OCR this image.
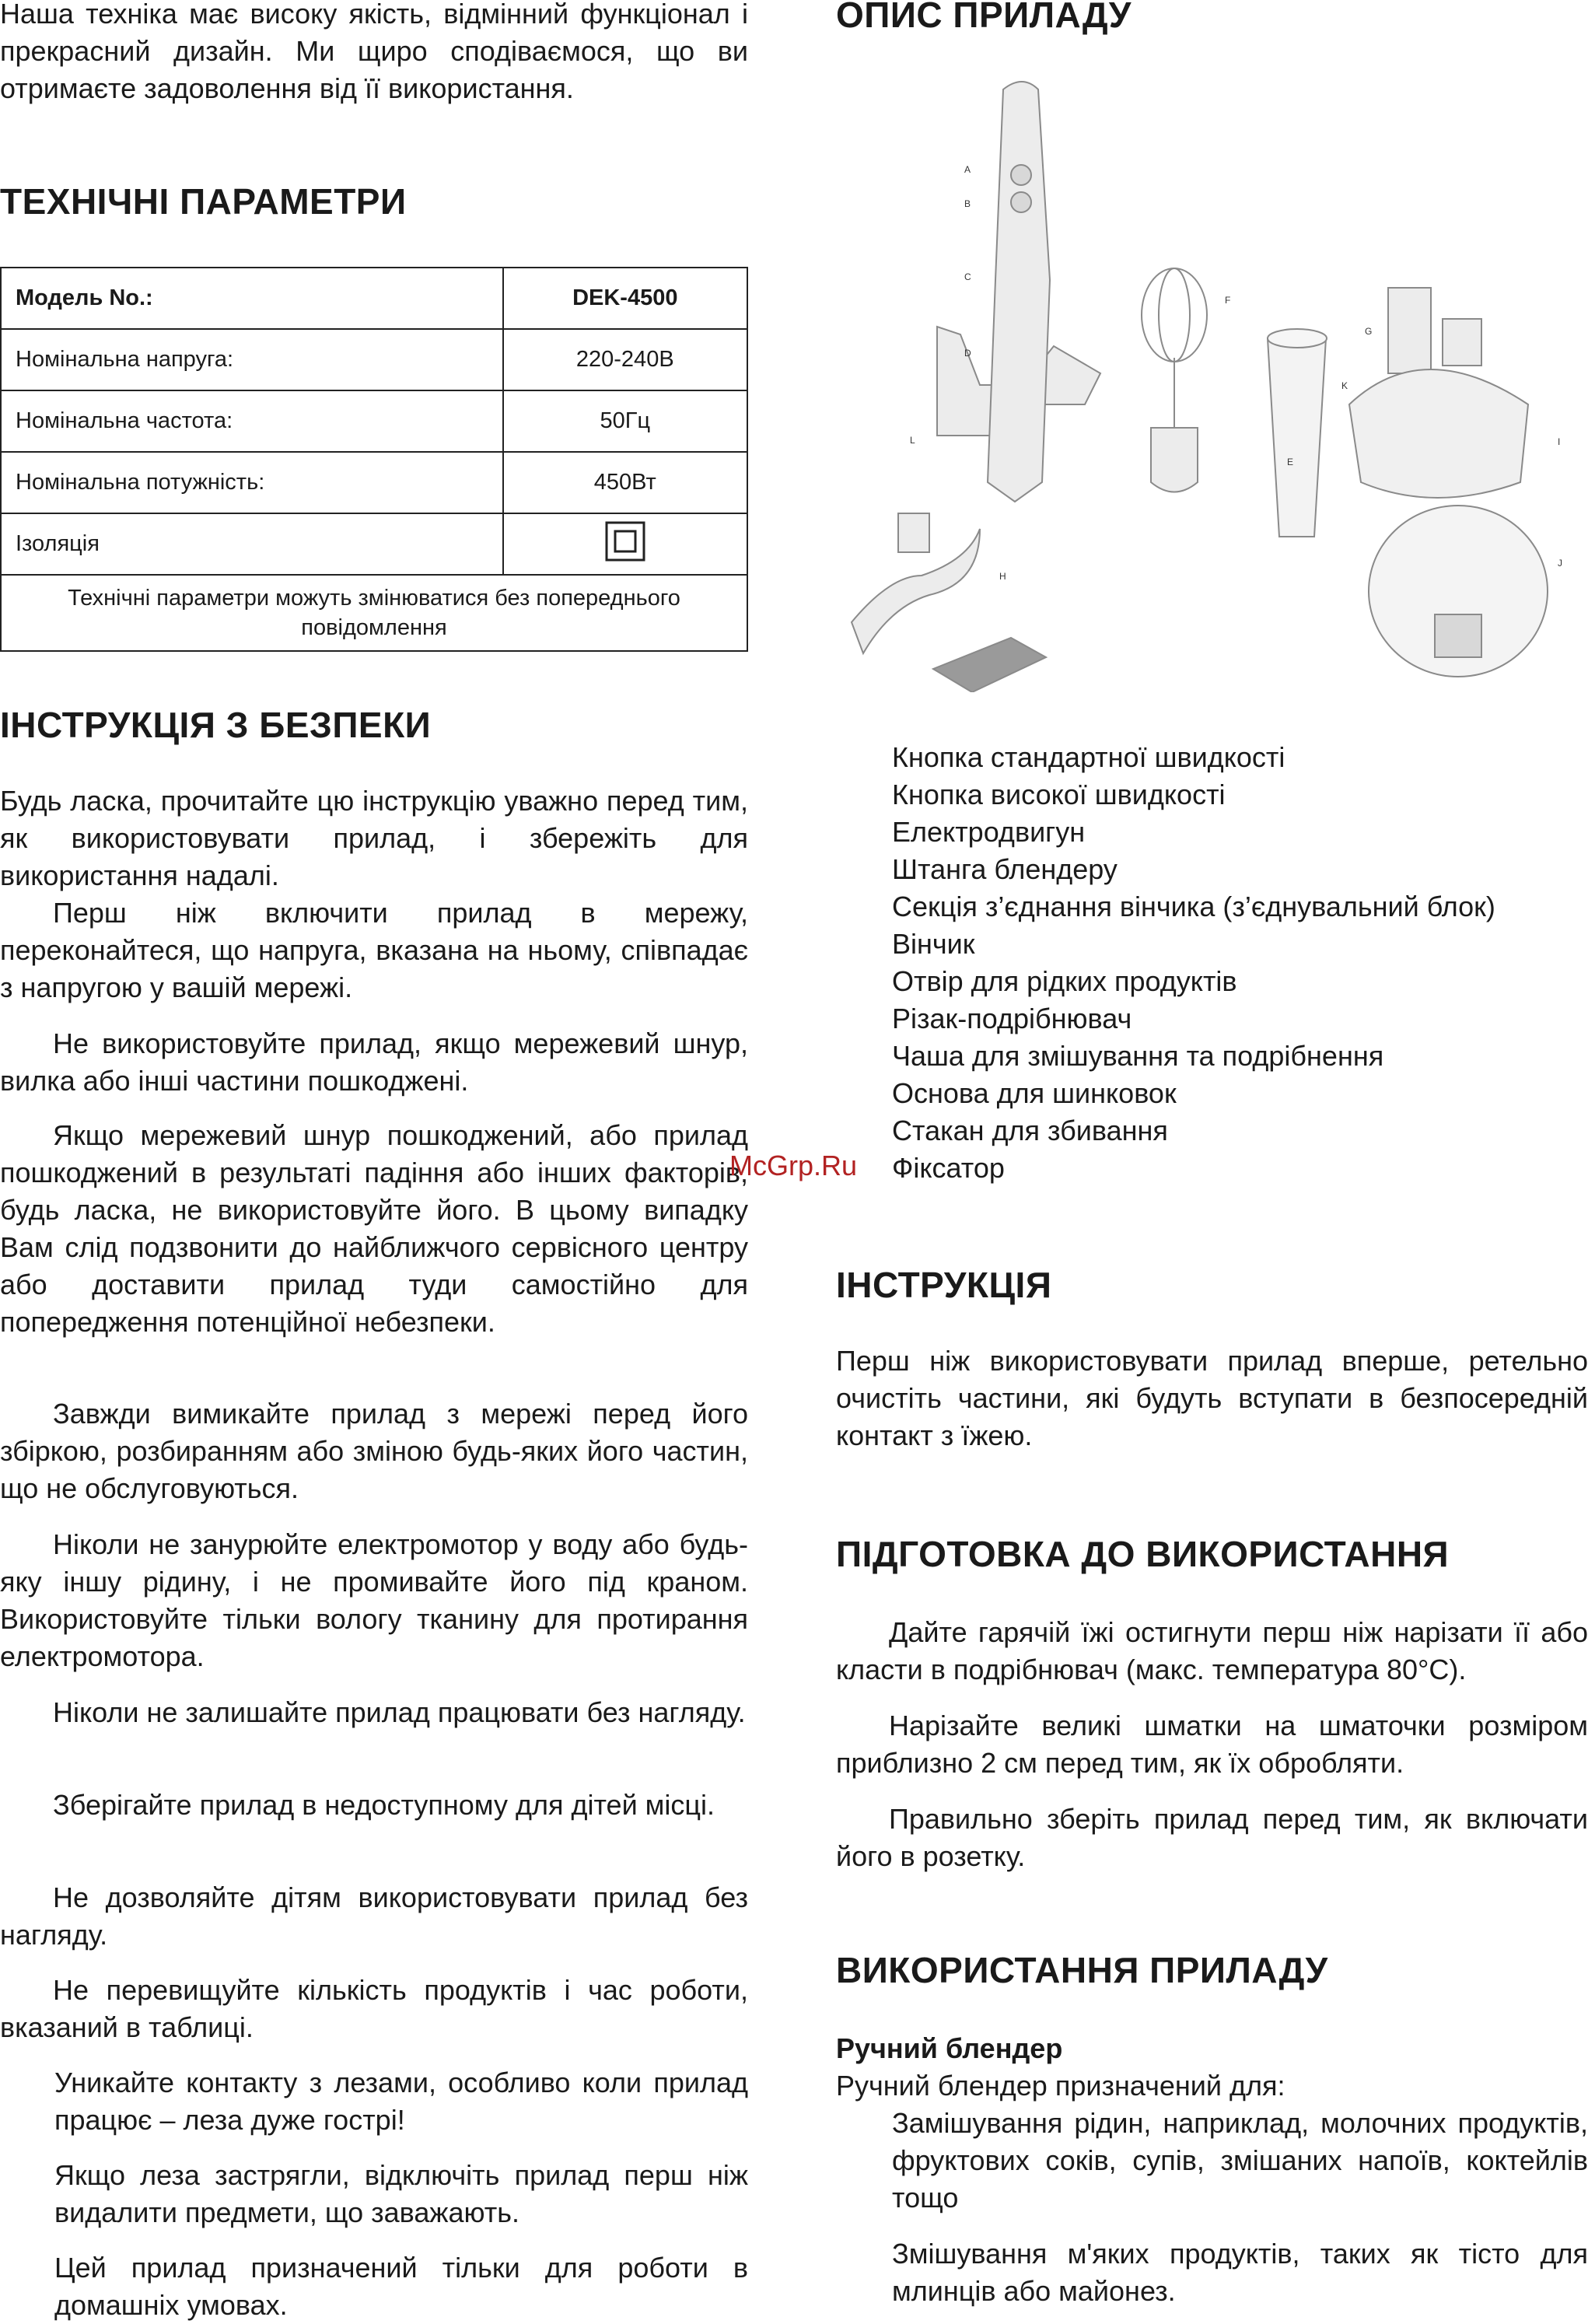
Наша техніка має високу якість, відмінний функціонал і прекрасний дизайн. Ми щиро сподіваємося, що ви отримаєте задоволення від її використання.

ТЕХНІЧНІ ПАРАМЕТРИ
Модель No.:	DEK-4500
Номінальна напруга:	220-240В
Номінальна частота:	50Гц
Номінальна потужність:	450Вт
Ізоляція	
Технічні параметри можуть змінюватися без попереднього повідомлення	
ІНСТРУКЦІЯ З БЕЗПЕКИ

Будь ласка, прочитайте цю інструкцію уважно перед тим, як використовувати прилад, і збережіть для використання надалі.

Перш ніж включити прилад в мережу, переконайтеся, що напруга, вказана на ньому, співпадає з напругою у вашій мережі.

Не використовуйте прилад, якщо мережевий шнур, вилка або інші частини пошкоджені.

Якщо мережевий шнур пошкоджений, або прилад пошкоджений в результаті падіння або інших факторів, будь ласка, не використовуйте його. В цьому випадку Вам слід подзвонити до найближчого сервісного центру або доставити прилад туди самостійно для попередження потенційної небезпеки.

Завжди вимикайте прилад з мережі перед його збіркою, розбиранням або зміною будь-яких його частин, що не обслуговуються.

Ніколи не занурюйте електромотор у воду або будь-яку іншу рідину, і не промивайте його під краном. Використовуйте тільки вологу тканину для протирання електромотора.

Ніколи не залишайте прилад працювати без нагляду.

Зберігайте прилад в недоступному для дітей місці.

Не дозволяйте дітям використовувати прилад без нагляду.

Не перевищуйте кількість продуктів і час роботи, вказаний в таблиці.

Уникайте контакту з лезами, особливо коли прилад працює – леза дуже гострі!

Якщо леза застрягли, відключіть прилад перш ніж видалити предмети, що заважають.

Цей прилад призначений тільки для роботи в домашніх умовах.

ОПИС ПРИЛАДУ
A
B
C
E
F
G
H
I
J
K
L
D
Кнопка стандартної швидкості
Кнопка високої швидкості
Електродвигун
Штанга блендеру
Секція з’єднання вінчика (з’єднувальний блок)
Вінчик
Отвір для рідких продуктів
Різак-подрібнювач
Чаша для змішування та подрібнення
Основа для шинковок
Стакан для збивання
Фіксатор
ІНСТРУКЦІЯ

Перш ніж використовувати прилад вперше, ретельно очистіть частини, які будуть вступати в безпосередній контакт з їжею.

ПІДГОТОВКА ДО ВИКОРИСТАННЯ

Дайте гарячій їжі остигнути перш ніж нарізати її або класти в подрібнювач (макс. температура 80°С).

Нарізайте великі шматки на шматочки розміром приблизно 2 см перед тим, як їх обробляти.

Правильно зберіть прилад перед тим, як включати його в розетку.

ВИКОРИСТАННЯ ПРИЛАДУ
Ручний блендер

Ручний блендер призначений для:

Замішування рідин, наприклад, молочних продуктів, фруктових соків, супів, змішаних напоїв, коктейлів тощо

Змішування м'яких продуктів, таких як тісто для млинців або майонез.

McGrp.Ru
